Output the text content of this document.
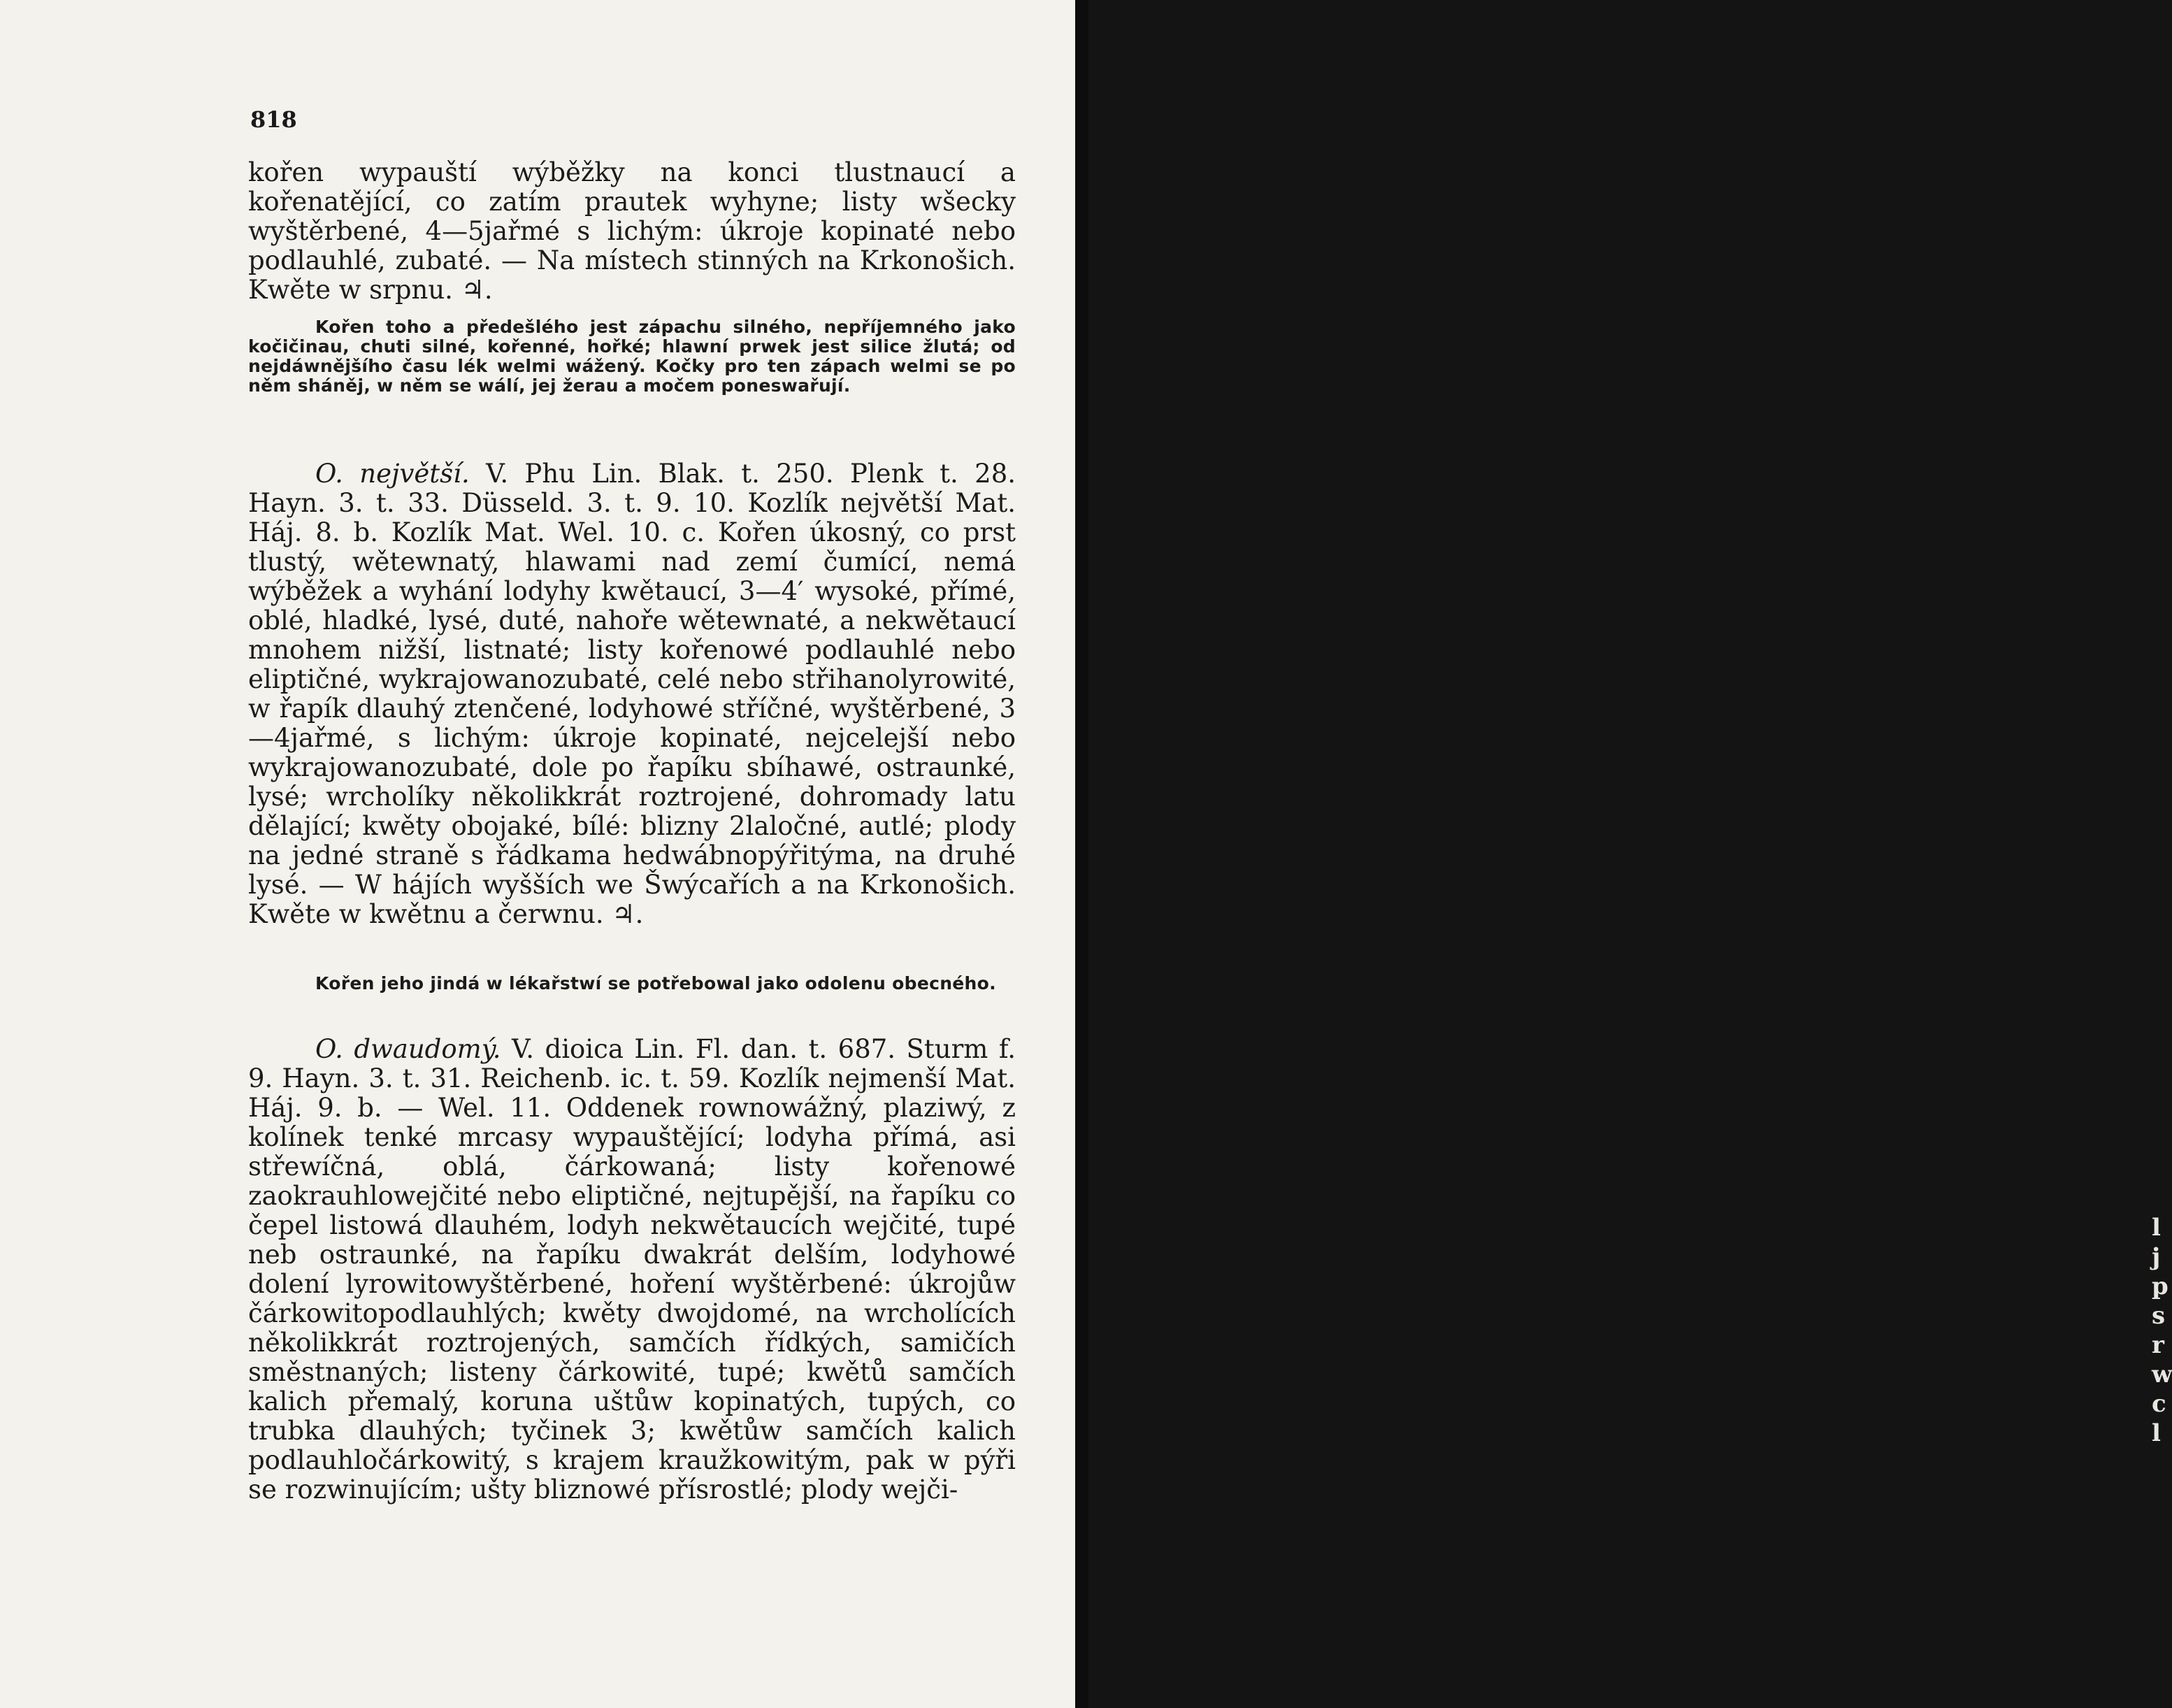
818

kořen wypauští wýběžky na konci tlustnaucí a kořenatějící, co zatím prautek wyhyne; listy wšecky wyštěrbené, 4—5jařmé s lichým: úkroje kopinaté nebo podlauhlé, zubaté. — Na místech stinných na Krkonošich. Kwěte w srpnu. ♃.

Kořen toho a předešlého jest zápachu silného, nepříjemného jako kočičinau, chuti silné, kořenné, hořké; hlawní prwek jest silice žlutá; od nejdáwnějšího času lék welmi wážený. Kočky pro ten zápach welmi se po něm sháněj, w něm se wálí, jej žerau a močem poneswařují.

O. největší. V. Phu Lin. Blak. t. 250. Plenk t. 28. Hayn. 3. t. 33. Düsseld. 3. t. 9. 10. Kozlík největší Mat. Háj. 8. b. Kozlík Mat. Wel. 10. c. Kořen úkosný, co prst tlustý, wětewnatý, hlawami nad zemí čumící, nemá wýběžek a wyhání lodyhy kwětaucí, 3—4′ wysoké, přímé, oblé, hladké, lysé, duté, nahoře wětewnaté, a nekwětaucí mnohem nižší, listnaté; listy kořenowé podlauhlé nebo eliptičné, wykrajowanozubaté, celé nebo střihanolyrowité, w řapík dlauhý ztenčené, lodyhowé stříčné, wyštěrbené, 3—4jařmé, s lichým: úkroje kopinaté, nejcelejší nebo wykrajowanozubaté, dole po řapíku sbíhawé, ostraunké, lysé; wrcholíky několikkrát roztrojené, dohromady latu dělající; kwěty obojaké, bílé: blizny 2laločné, autlé; plody na jedné straně s řádkama hedwábnopýřitýma, na druhé lysé. — W hájích wyšších we Šwýcařích a na Krkonošich. Kwěte w kwětnu a čerwnu. ♃.

Kořen jeho jindá w lékařstwí se potřebowal jako odolenu obecného.

O. dwaudomý. V. dioica Lin. Fl. dan. t. 687. Sturm f. 9. Hayn. 3. t. 31. Reichenb. ic. t. 59. Kozlík nejmenší Mat. Háj. 9. b. — Wel. 11. Oddenek rownowážný, plaziwý, z kolínek tenké mrcasy wypauštějící; lodyha přímá, asi střewíčná, oblá, čárkowaná; listy kořenowé zaokrauhlowejčité nebo eliptičné, nejtupější, na řapíku co čepel listowá dlauhém, lodyh nekwětaucích wejčité, tupé neb ostraunké, na řapíku dwakrát delším, lodyhowé dolení lyrowitowyštěrbené, hoření wyštěrbené: úkrojůw čárkowitopodlauhlých; kwěty dwojdomé, na wrcholících několikkrát roztrojených, samčích řídkých, samičích směstnaných; listeny čárkowité, tupé; kwětů samčích kalich přemalý, koruna uštůw kopinatých, tupých, co trubka dlauhých; tyčinek 3; kwětůw samčích kalich podlauhločárkowitý, s krajem kraužkowitým, pak w pýři se rozwinujícím; ušty bliznowé přísrostlé; plody wejči-

l
j
p
s
r
w
c
l
